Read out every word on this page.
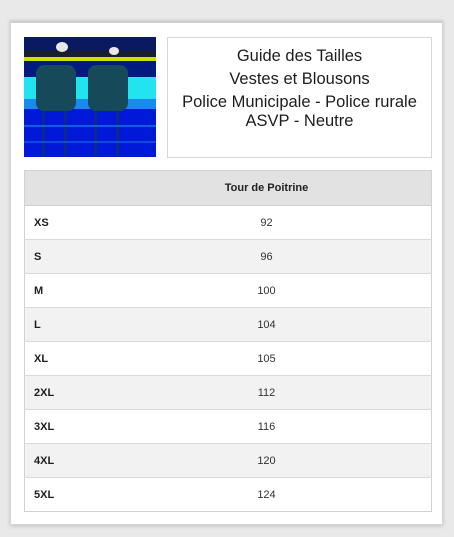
Guide des Tailles
Vestes et Blousons
Police Municipale - Police rurale
ASVP - Neutre
	Tour de Poitrine
XS	92
S	96
M	100
L	104
XL	105
2XL	112
3XL	116
4XL	120
5XL	124
